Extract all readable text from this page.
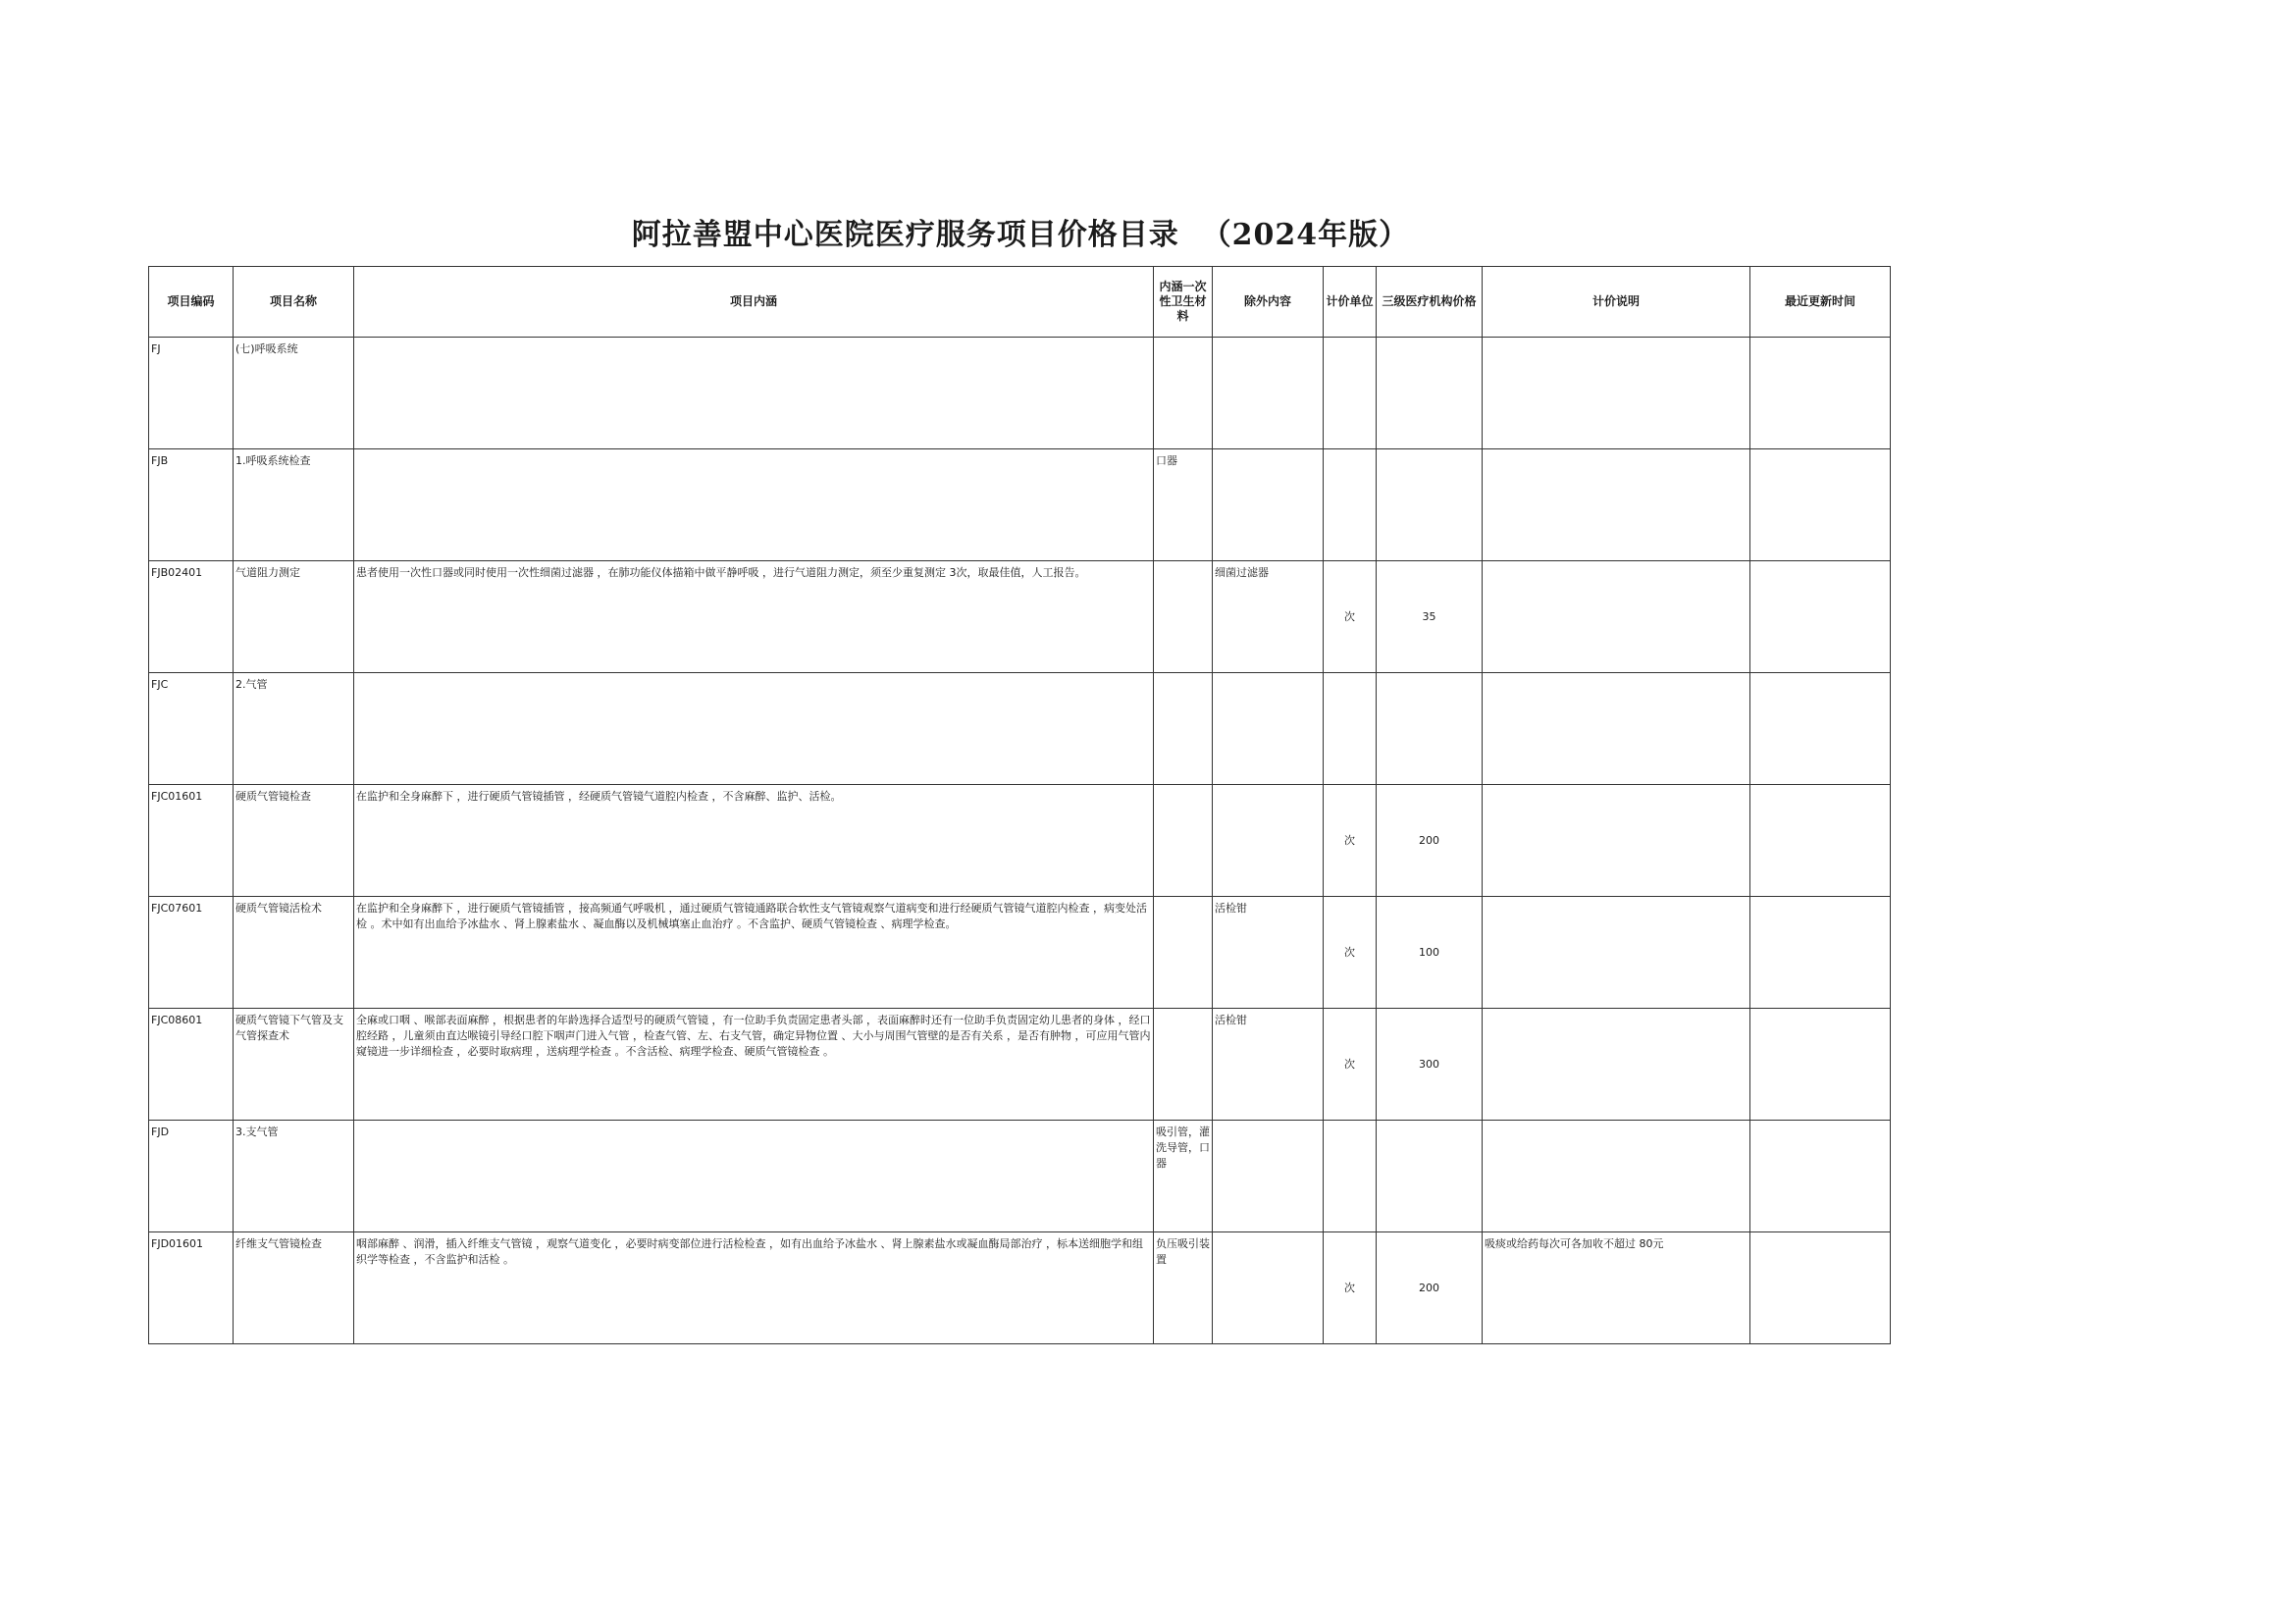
阿拉善盟中心医院医疗服务项目价格目录  （2024年版）
项目编码	项目名称	项目内涵	内涵一次性卫生材料	除外内容	计价单位	三级医疗机构价格	计价说明	最近更新时间
FJ	(七)呼吸系统							
FJB	1.呼吸系统检查		口器					
FJB02401	气道阻力测定	患者使用一次性口器或同时使用一次性细菌过滤器 ，在肺功能仪体描箱中做平静呼吸 ，进行气道阻力测定，须至少重复测定 3次，取最佳值，人工报告。		细菌过滤器	次	35		
FJC	2.气管							
FJC01601	硬质气管镜检查	在监护和全身麻醉下 ，进行硬质气管镜插管 ，经硬质气管镜气道腔内检查 ，不含麻醉、监护、活检。			次	200		
FJC07601	硬质气管镜活检术	在监护和全身麻醉下 ，进行硬质气管镜插管 ，接高频通气呼吸机 ，通过硬质气管镜通路联合软性支气管镜观察气道病变和进行经硬质气管镜气道腔内检查 ，病变处活检 。术中如有出血给予冰盐水 、肾上腺素盐水 、凝血酶以及机械填塞止血治疗 。不含监护、硬质气管镜检查 、病理学检查。		活检钳	次	100		
FJC08601	硬质气管镜下气管及支气管探查术	全麻或口咽 、喉部表面麻醉 ，根据患者的年龄选择合适型号的硬质气管镜 ，有一位助手负责固定患者头部 ，表面麻醉时还有一位助手负责固定幼儿患者的身体 ，经口腔经路 ，儿童须由直达喉镜引导经口腔下咽声门进入气管 ，检查气管、左、右支气管，确定异物位置 、大小与周围气管壁的是否有关系 ，是否有肿物 ，可应用气管内窥镜进一步详细检查 ，必要时取病理 ，送病理学检查 。不含活检、病理学检查、硬质气管镜检查 。		活检钳	次	300		
FJD	3.支气管		吸引管，灌洗导管，口器					
FJD01601	纤维支气管镜检查	咽部麻醉 、润滑，插入纤维支气管镜 ，观察气道变化 ，必要时病变部位进行活检检查 ，如有出血给予冰盐水 、肾上腺素盐水或凝血酶局部治疗 ，标本送细胞学和组织学等检查 ，不含监护和活检 。	负压吸引装置		次	200	吸痰或给药每次可各加收不超过 80元	
